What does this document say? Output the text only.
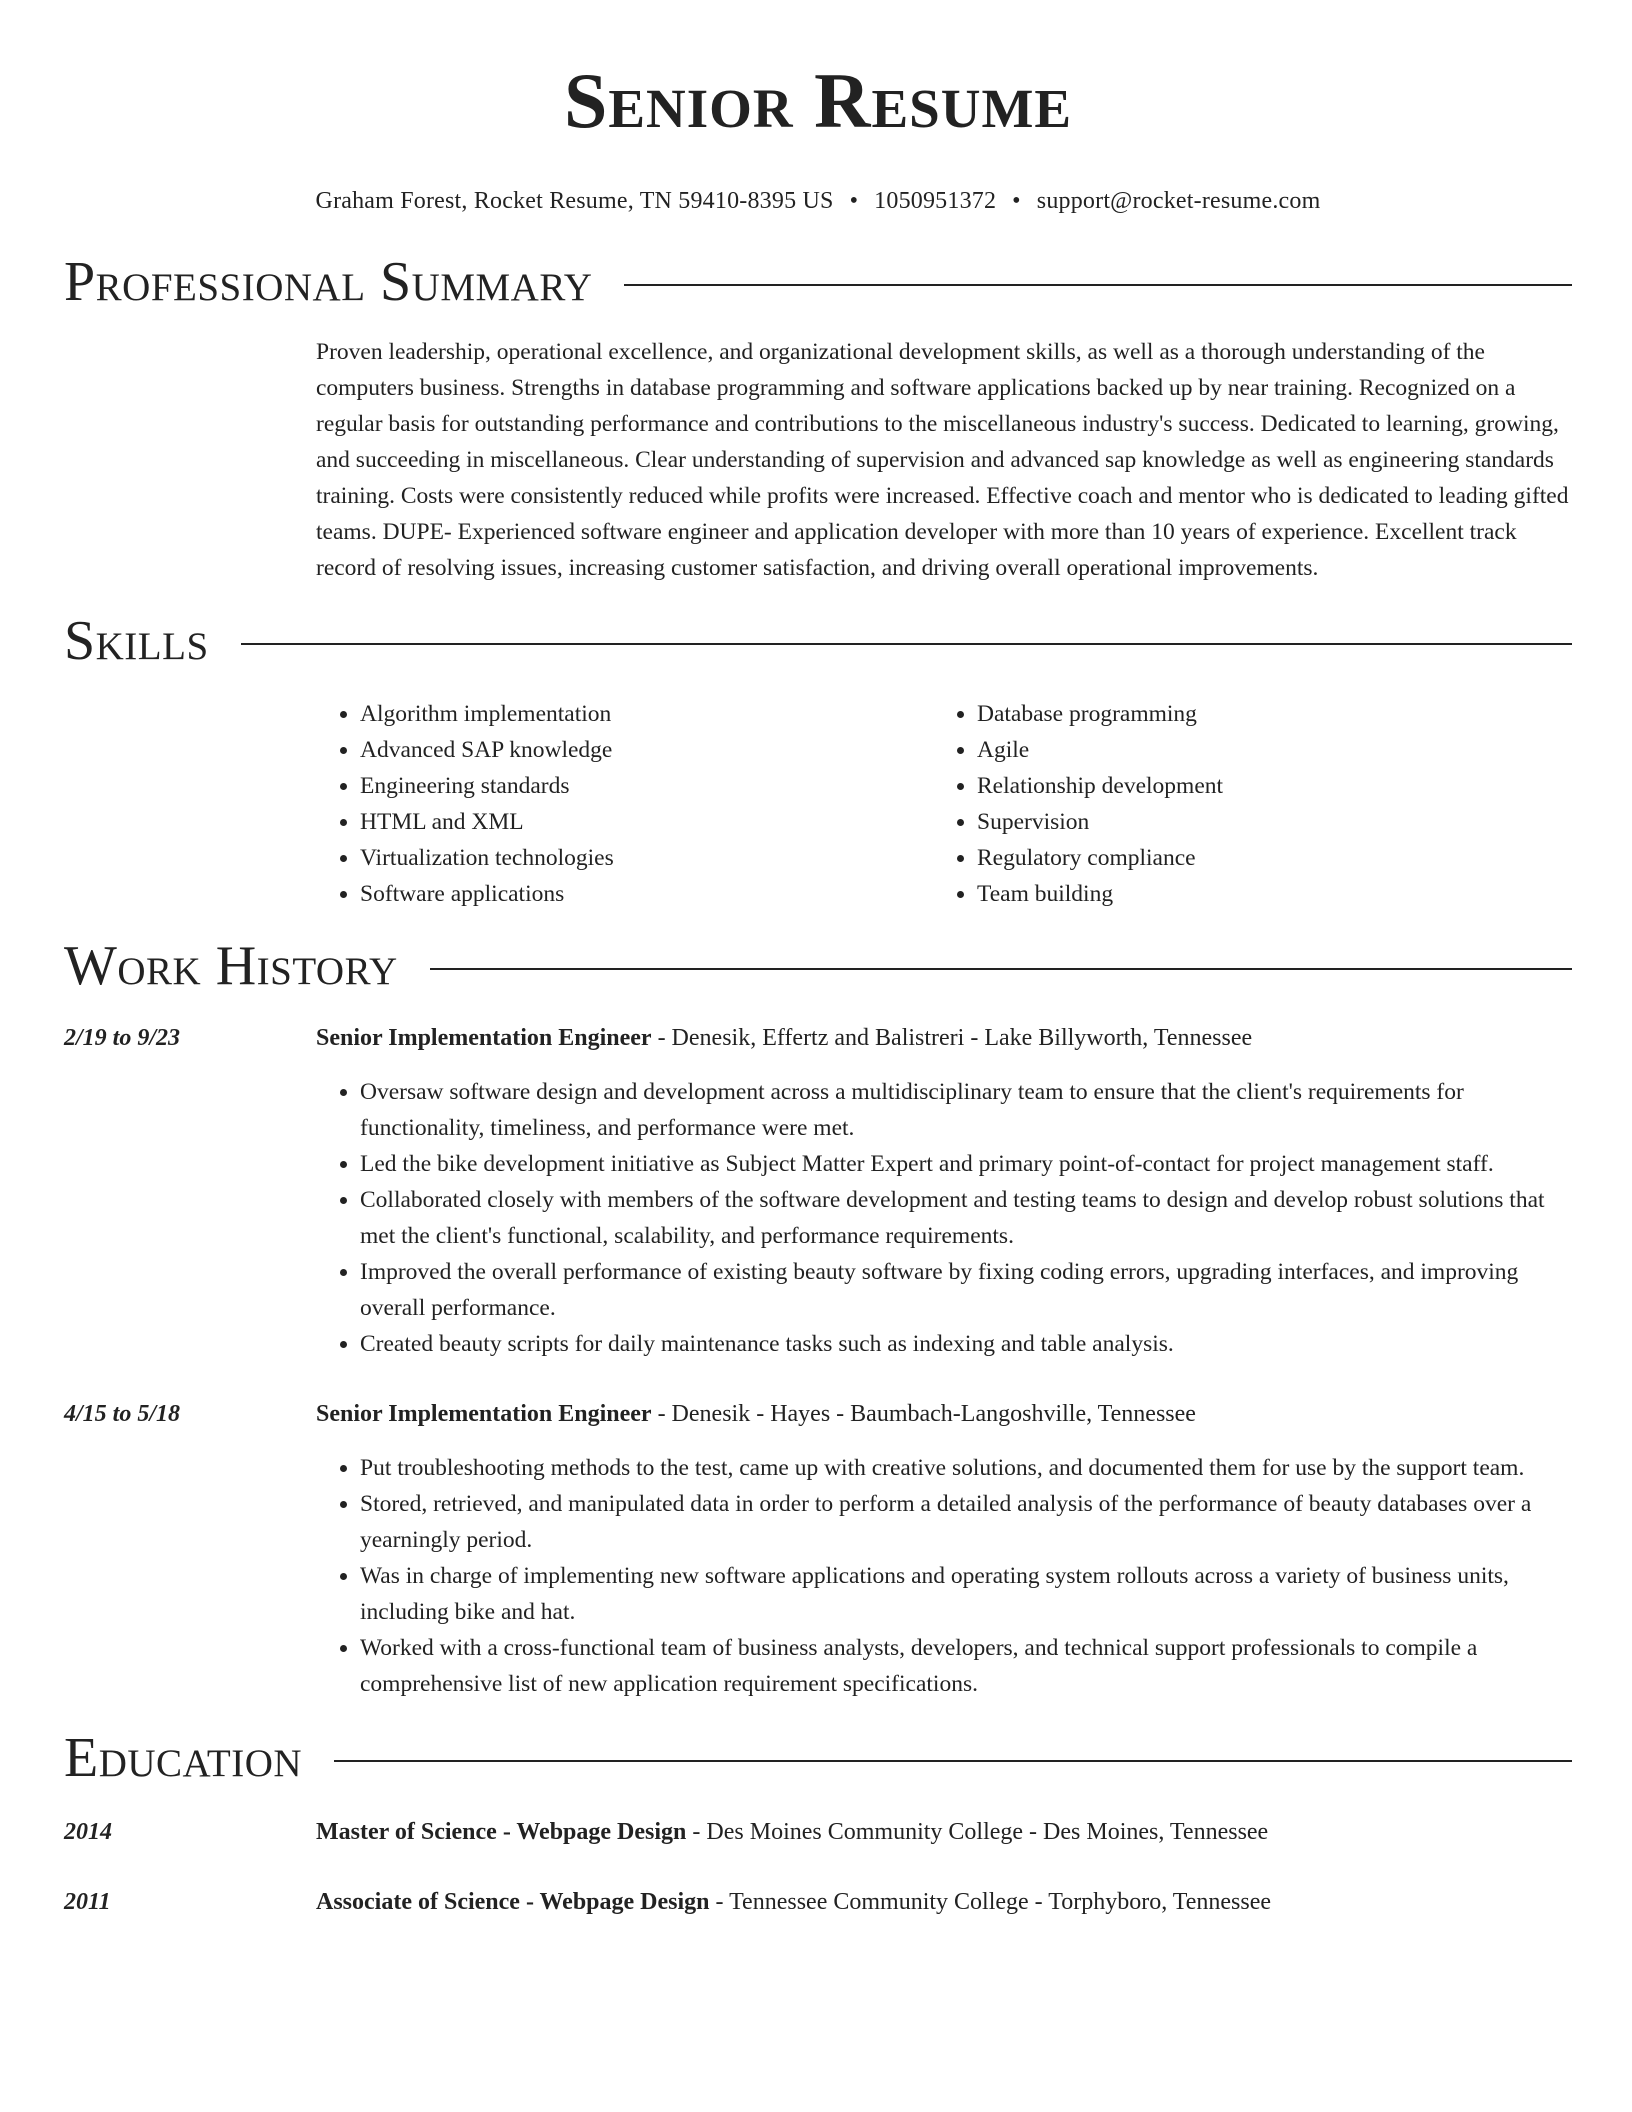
Senior Resume
Graham Forest, Rocket Resume, TN 59410-8395 US • 1050951372 • support@rocket-resume.com
Professional Summary

Proven leadership, operational excellence, and organizational development skills, as well as a thorough understanding of the computers business. Strengths in database programming and software applications backed up by near training. Recognized on a regular basis for outstanding performance and contributions to the miscellaneous industry's success. Dedicated to learning, growing, and succeeding in miscellaneous. Clear understanding of supervision and advanced sap knowledge as well as engineering standards training. Costs were consistently reduced while profits were increased. Effective coach and mentor who is dedicated to leading gifted teams. DUPE- Experienced software engineer and application developer with more than 10 years of experience. Excellent track record of resolving issues, increasing customer satisfaction, and driving overall operational improvements.

Skills
• Algorithm implementation
• Advanced SAP knowledge
• Engineering standards
• HTML and XML
• Virtualization technologies
• Software applications
• Database programming
• Agile
• Relationship development
• Supervision
• Regulatory compliance
• Team building
Work History
2/19 to 9/23	Senior Implementation Engineer - Denesik, Effertz and Balistreri - Lake Billyworth, Tennessee
• Oversaw software design and development across a multidisciplinary team to ensure that the client's requirements for functionality, timeliness, and performance were met.
• Led the bike development initiative as Subject Matter Expert and primary point-of-contact for project management staff.
• Collaborated closely with members of the software development and testing teams to design and develop robust solutions that met the client's functional, scalability, and performance requirements.
• Improved the overall performance of existing beauty software by fixing coding errors, upgrading interfaces, and improving overall performance.
• Created beauty scripts for daily maintenance tasks such as indexing and table analysis.
4/15 to 5/18	Senior Implementation Engineer - Denesik - Hayes - Baumbach-Langoshville, Tennessee
• Put troubleshooting methods to the test, came up with creative solutions, and documented them for use by the support team.
• Stored, retrieved, and manipulated data in order to perform a detailed analysis of the performance of beauty databases over a yearningly period.
• Was in charge of implementing new software applications and operating system rollouts across a variety of business units, including bike and hat.
• Worked with a cross-functional team of business analysts, developers, and technical support professionals to compile a comprehensive list of new application requirement specifications.
Education
2014	Master of Science - Webpage Design - Des Moines Community College - Des Moines, Tennessee
2011	Associate of Science - Webpage Design - Tennessee Community College - Torphyboro, Tennessee
